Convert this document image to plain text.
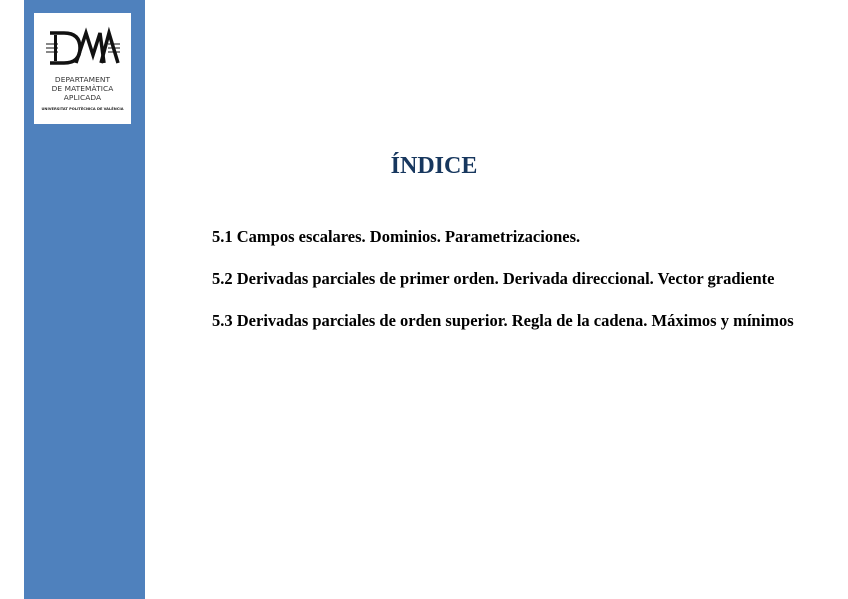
DEPARTAMENT
DE MATEMÀTICA
APLICADA
UNIVERSITAT POLITÈCNICA DE VALÈNCIA
ÍNDICE

5.1 Campos escalares. Dominios. Parametrizaciones.

5.2 Derivadas parciales de primer orden. Derivada direccional. Vector gradiente

5.3 Derivadas parciales de orden superior. Regla de la cadena. Máximos y mínimos
